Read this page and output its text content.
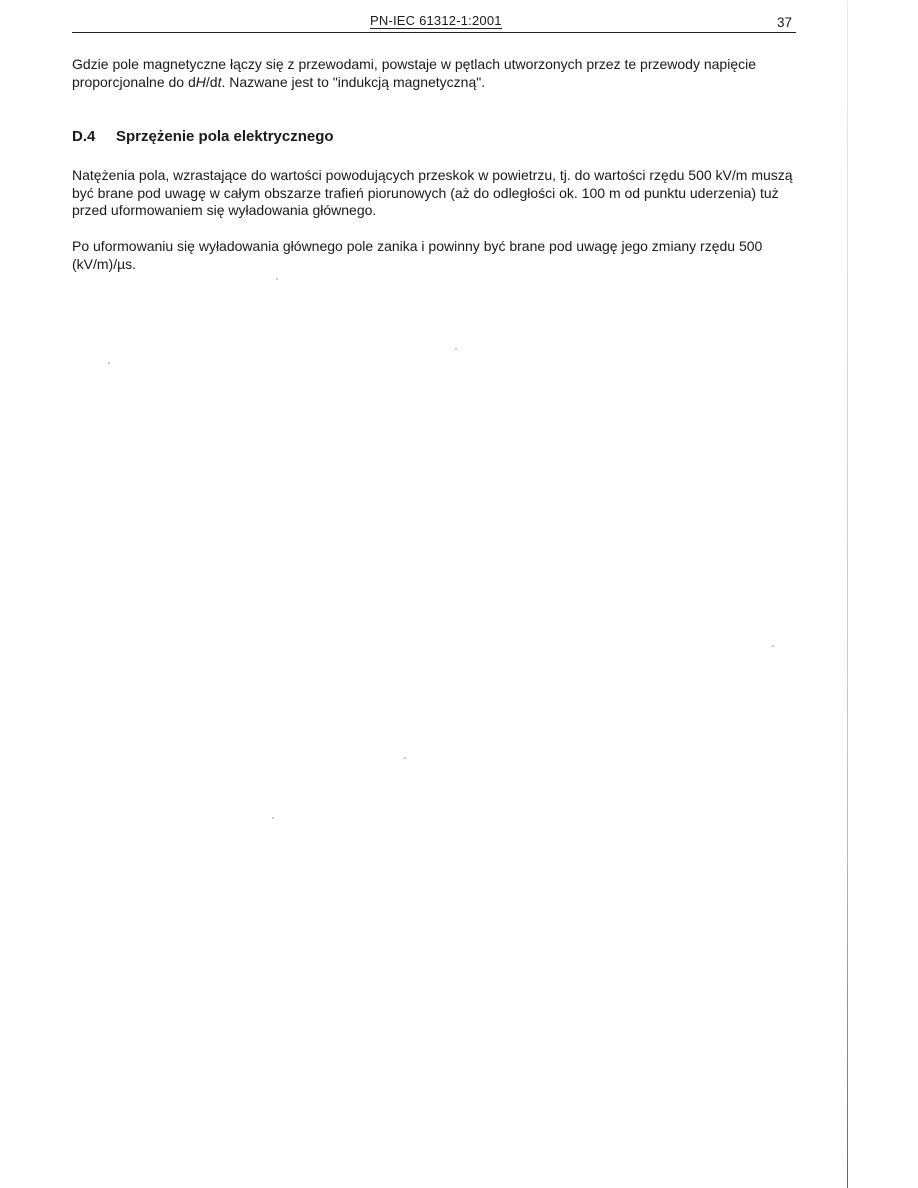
PN-IEC 61312-1:2001	37

Gdzie pole magnetyczne łączy się z przewodami, powstaje w pętlach utworzonych przez te przewody napięcie proporcjonalne do dH/dt. Nazwane jest to "indukcją magnetyczną".

D.4 Sprzężenie pola elektrycznego

Natężenia pola, wzrastające do wartości powodujących przeskok w powietrzu, tj. do wartości rzędu 500 kV/m muszą być brane pod uwagę w całym obszarze trafień piorunowych (aż do odległości ok. 100 m od punktu uderzenia) tuż przed uformowaniem się wyładowania głównego.

Po uformowaniu się wyładowania głównego pole zanika i powinny być brane pod uwagę jego zmiany rzędu 500 (kV/m)/µs.
